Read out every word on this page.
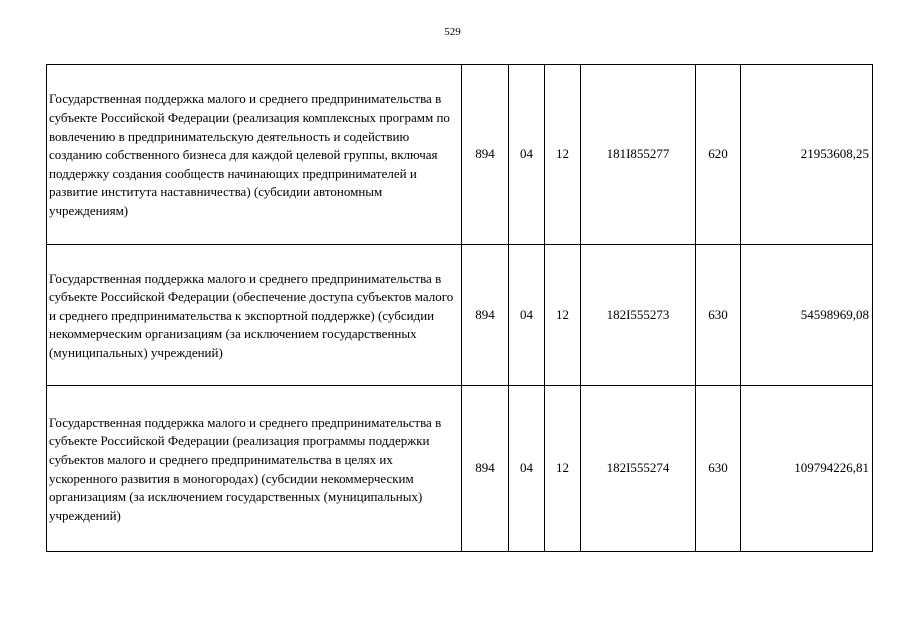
529
Государственная поддержка малого и среднего предпринимательства в субъекте Российской Федерации (реализация комплексных программ по вовлечению в предпринимательскую деятельность и содействию созданию собственного бизнеса для каждой целевой группы, включая поддержку создания сообществ начинающих предпринимателей и развитие института наставничества) (субсидии автономным учреждениям)	894	04	12	181I855277	620	21953608,25
Государственная поддержка малого и среднего предпринимательства в субъекте Российской Федерации (обеспечение доступа субъектов малого и среднего предпринимательства к экспортной поддержке) (субсидии некоммерческим организациям (за исключением государственных (муниципальных) учреждений)	894	04	12	182I555273	630	54598969,08
Государственная поддержка малого и среднего предпринимательства в субъекте Российской Федерации (реализация программы поддержки субъектов малого и среднего предпринимательства в целях их ускоренного развития в моногородах) (субсидии некоммерческим организациям (за исключением государственных (муниципальных) учреждений)	894	04	12	182I555274	630	109794226,81
